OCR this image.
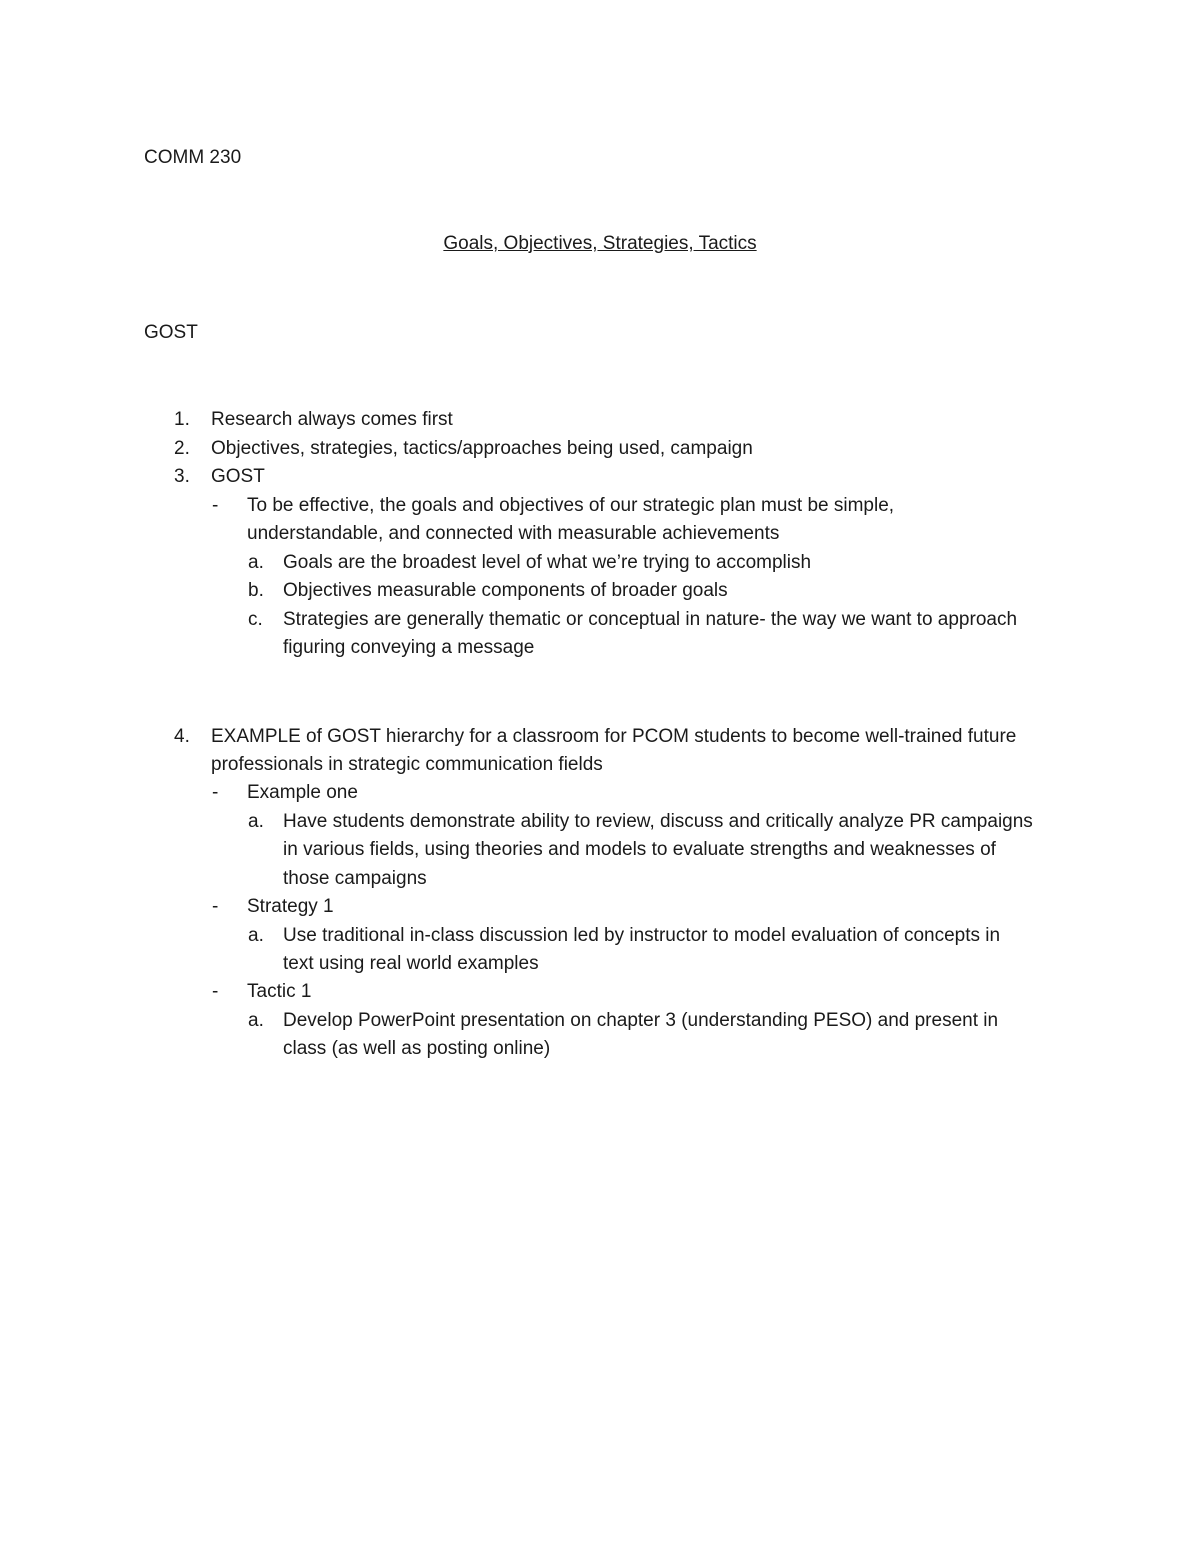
COMM 230
Goals, Objectives, Strategies, Tactics
GOST
1. Research always comes first
2. Objectives, strategies, tactics/approaches being used, campaign
3. GOST
- To be effective, the goals and objectives of our strategic plan must be simple,
understandable, and connected with measurable achievements
a. Goals are the broadest level of what we’re trying to accomplish
b. Objectives measurable components of broader goals
c. Strategies are generally thematic or conceptual in nature- the way we want to approach
figuring conveying a message
4. EXAMPLE of GOST hierarchy for a classroom for PCOM students to become well-trained future
professionals in strategic communication fields
- Example one
a. Have students demonstrate ability to review, discuss and critically analyze PR campaigns
in various fields, using theories and models to evaluate strengths and weaknesses of
those campaigns
- Strategy 1
a. Use traditional in-class discussion led by instructor to model evaluation of concepts in
text using real world examples
- Tactic 1
a. Develop PowerPoint presentation on chapter 3 (understanding PESO) and present in
class (as well as posting online)
